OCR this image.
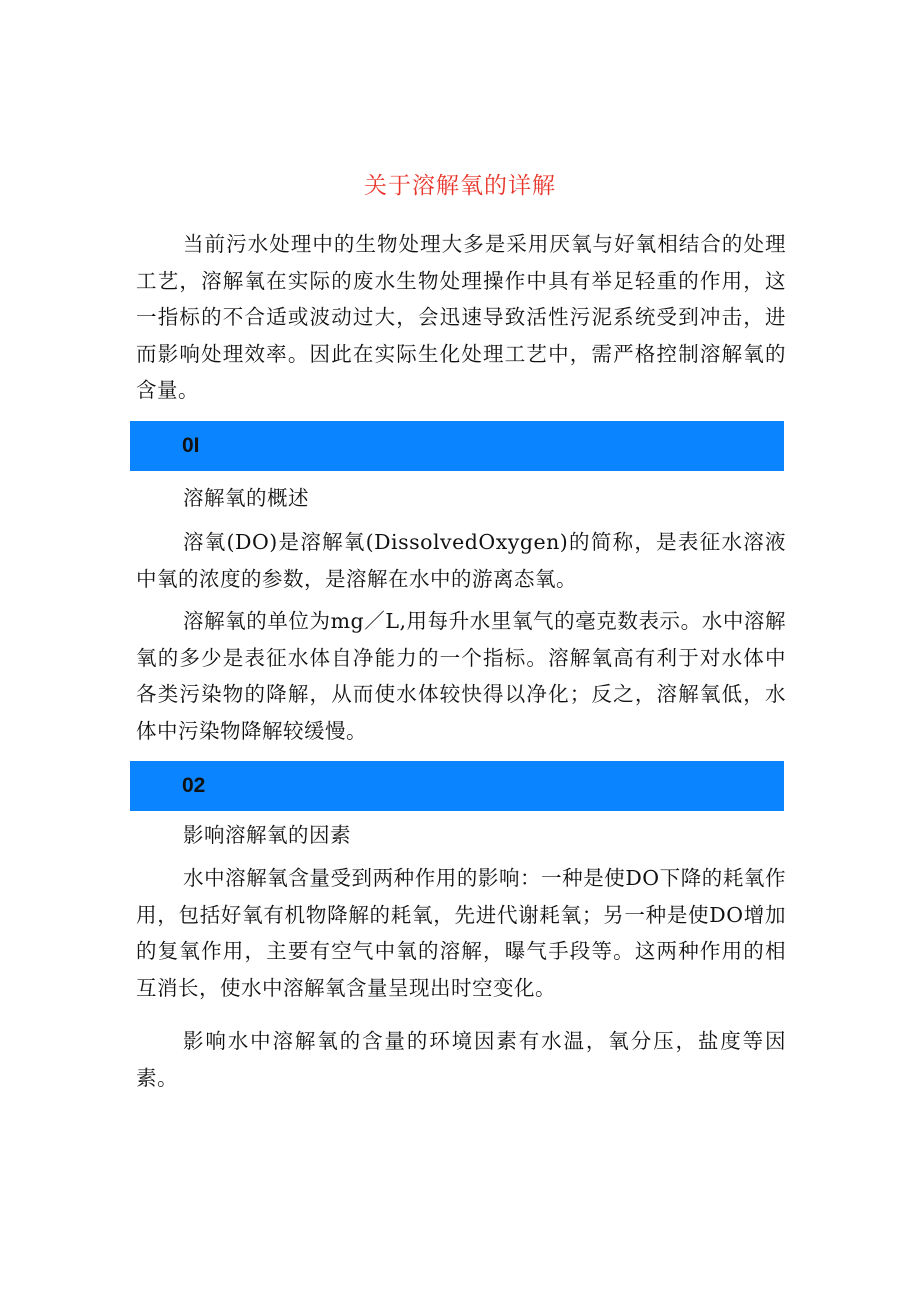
关于溶解氧的详解
当前污水处理中的生物处理大多是采用厌氧与好氧相结合的处理工艺，溶解氧在实际的废水生物处理操作中具有举足轻重的作用，这一指标的不合适或波动过大，会迅速导致活性污泥系统受到冲击，进而影响处理效率。因此在实际生化处理工艺中，需严格控制溶解氧的含量。
0I
溶解氧的概述
溶氧(DO)是溶解氧(DissolvedOxygen)的简称，是表征水溶液中氧的浓度的参数，是溶解在水中的游离态氧。
溶解氧的单位为mg／L,用每升水里氧气的毫克数表示。水中溶解氧的多少是表征水体自净能力的一个指标。溶解氧高有利于对水体中各类污染物的降解，从而使水体较快得以净化；反之，溶解氧低，水体中污染物降解较缓慢。
02
影响溶解氧的因素
水中溶解氧含量受到两种作用的影响：一种是使DO下降的耗氧作用，包括好氧有机物降解的耗氧，先进代谢耗氧；另一种是使DO增加的复氧作用，主要有空气中氧的溶解，曝气手段等。这两种作用的相互消长，使水中溶解氧含量呈现出时空变化。
影响水中溶解氧的含量的环境因素有水温，氧分压，盐度等因素。
